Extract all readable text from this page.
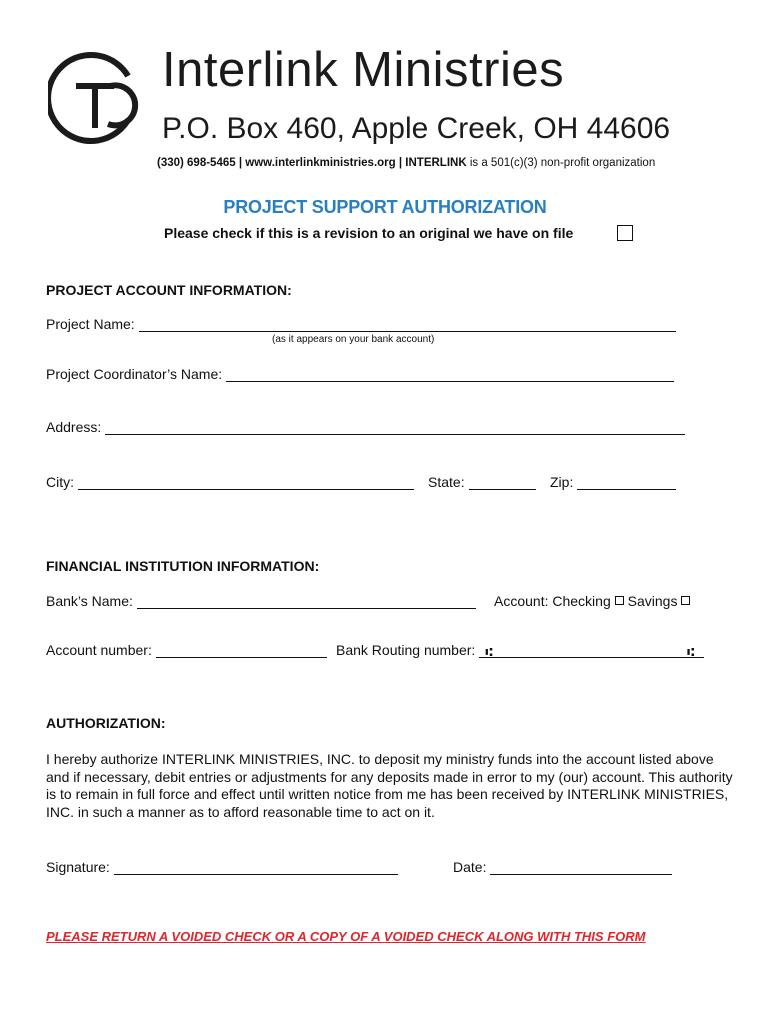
Interlink Ministries
P.O. Box 460, Apple Creek, OH 44606
(330) 698-5465 | www.interlinkministries.org | INTERLINK is a 501(c)(3) non-profit organization
PROJECT SUPPORT AUTHORIZATION
Please check if this is a revision to an original we have on file
PROJECT ACCOUNT INFORMATION:
Project Name:
(as it appears on your bank account)
Project Coordinator’s Name:
Address:
City:	State:	Zip:
FINANCIAL INSTITUTION INFORMATION:
Bank’s Name:	Account: Checking Savings
Account number:	Bank Routing number: ⑆	⑆
AUTHORIZATION:
I hereby authorize INTERLINK MINISTRIES, INC. to deposit my ministry funds into the account listed above and if necessary, debit entries or adjustments for any deposits made in error to my (our) account. This authority is to remain in full force and effect until written notice from me has been received by INTERLINK MINISTRIES, INC. in such a manner as to afford reasonable time to act on it.
Signature:	Date:
PLEASE RETURN A VOIDED CHECK OR A COPY OF A VOIDED CHECK ALONG WITH THIS FORM
